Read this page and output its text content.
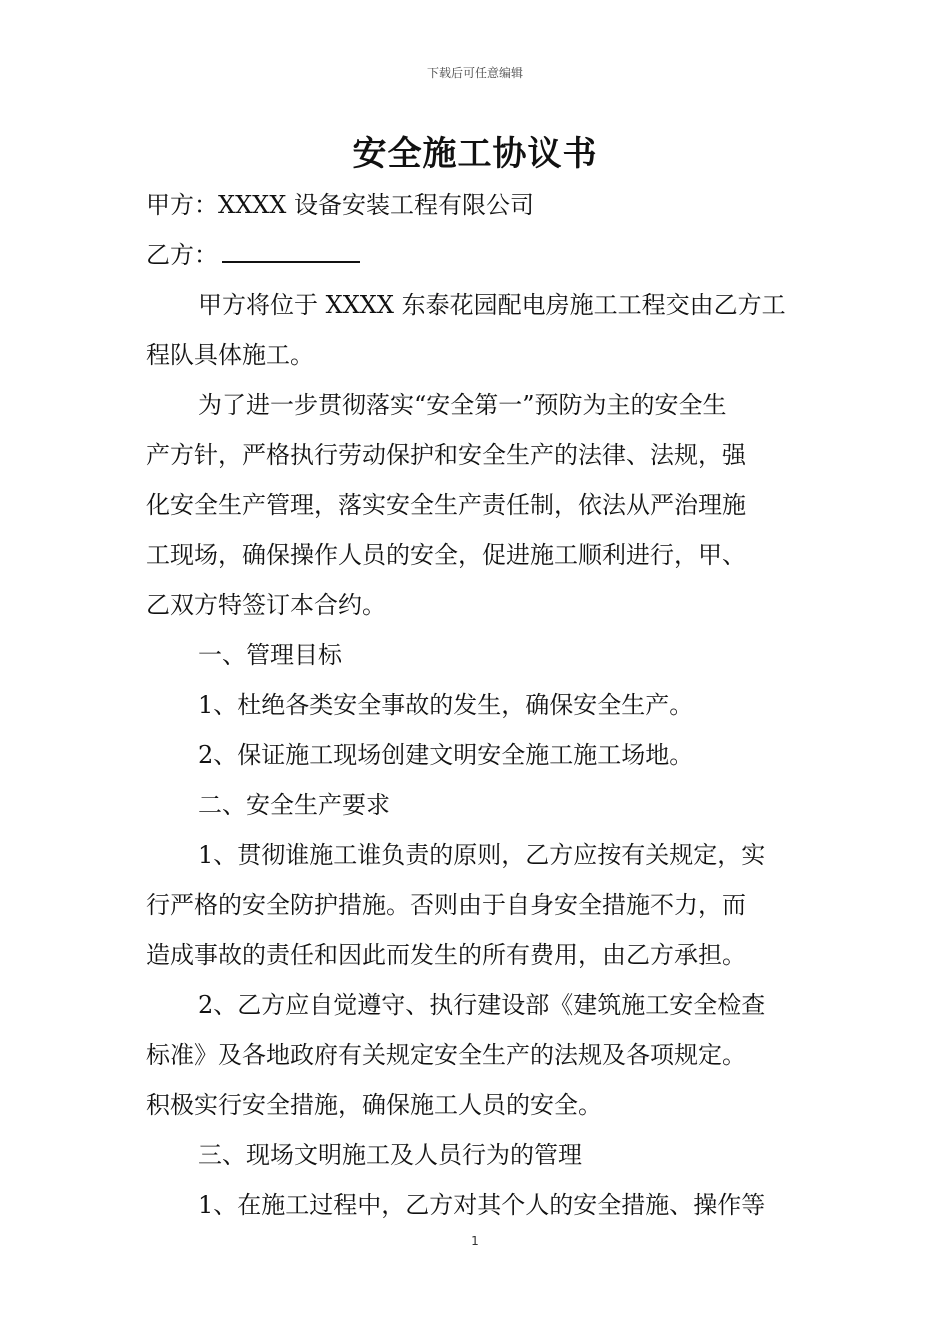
下载后可任意编辑
安全施工协议书
甲方：XXXX 设备安装工程有限公司
乙方：
甲方将位于 XXXX 东泰花园配电房施工工程交由乙方工
程队具体施工。
为了进一步贯彻落实“安全第一”预防为主的安全生
产方针，严格执行劳动保护和安全生产的法律、法规，强
化安全生产管理，落实安全生产责任制，依法从严治理施
工现场，确保操作人员的安全，促进施工顺利进行，甲、
乙双方特签订本合约。
一、管理目标
1、杜绝各类安全事故的发生，确保安全生产。
2、保证施工现场创建文明安全施工施工场地。
二、安全生产要求
1、贯彻谁施工谁负责的原则，乙方应按有关规定，实
行严格的安全防护措施。否则由于自身安全措施不力，而
造成事故的责任和因此而发生的所有费用，由乙方承担。
2、乙方应自觉遵守、执行建设部《建筑施工安全检查
标准》及各地政府有关规定安全生产的法规及各项规定。
积极实行安全措施，确保施工人员的安全。
三、现场文明施工及人员行为的管理
1、在施工过程中，乙方对其个人的安全措施、操作等
1
